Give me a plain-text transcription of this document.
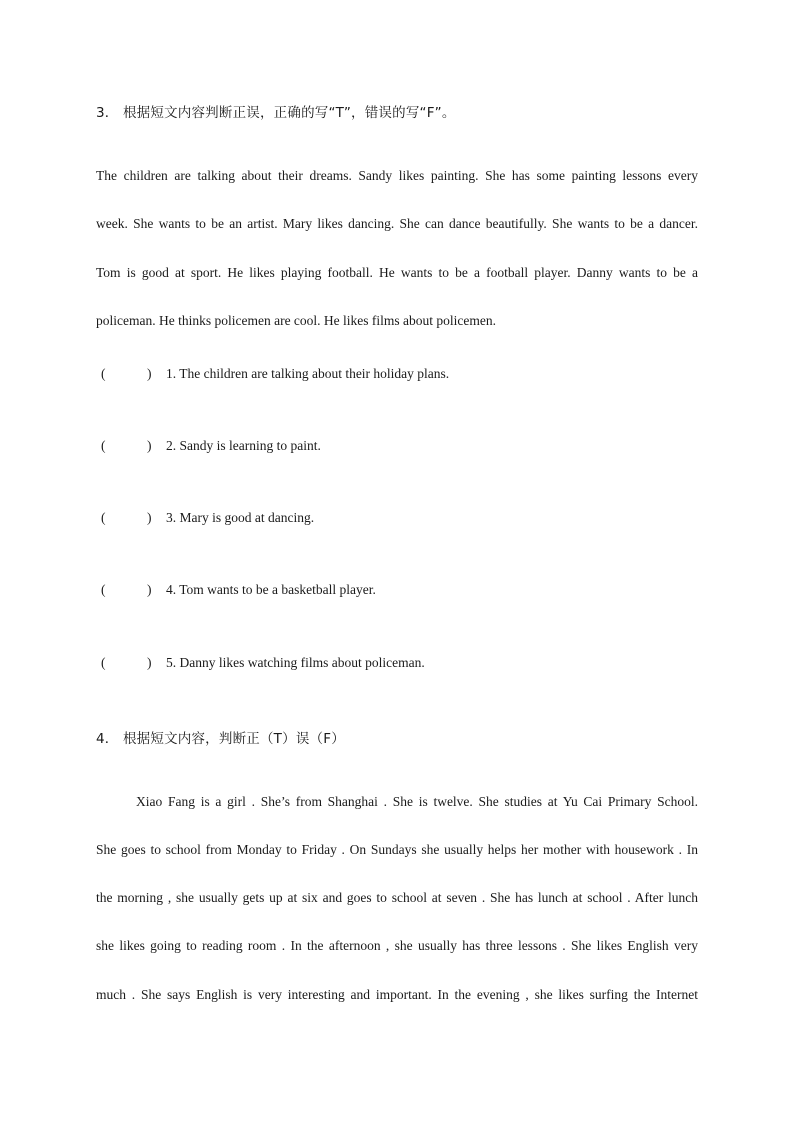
3． 根据短文内容判断正误，正确的写“T”，错误的写“F”。
The children are talking about their dreams. Sandy likes painting. She has some painting lessons every
week. She wants to be an artist. Mary likes dancing. She can dance beautifully. She wants to be a dancer.
Tom is good at sport. He likes playing football. He wants to be a football player. Danny wants to be a
policeman. He thinks policemen are cool. He likes films about policemen.
(	) 1. The children are talking about their holiday plans.
(	) 2. Sandy is learning to paint.
(	) 3. Mary is good at dancing.
(	) 4. Tom wants to be a basketball player.
(	) 5. Danny likes watching films about policeman.
4． 根据短文内容，判断正（T）误（F）
Xiao Fang is a girl . She’s from Shanghai . She is twelve. She studies at Yu Cai Primary School.
She goes to school from Monday to Friday . On Sundays she usually helps her mother with housework . In
the morning , she usually gets up at six and goes to school at seven . She has lunch at school . After lunch
she likes going to reading room . In the afternoon , she usually has three lessons . She likes English very
much . She says English is very interesting and important. In the evening , she likes surfing the Internet
